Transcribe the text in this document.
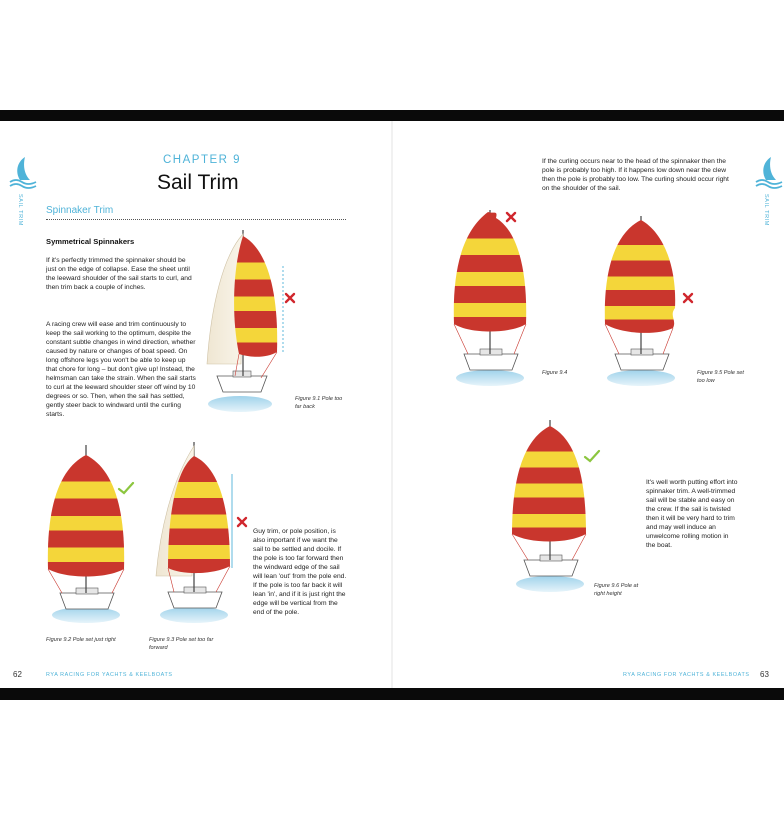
SAIL TRIM
CHAPTER 9
Sail Trim
Spinnaker Trim
Symmetrical Spinnakers
If it's perfectly trimmed the spinnaker should be just on the edge of collapse. Ease the sheet until the leeward shoulder of the sail starts to curl, and then trim back a couple of inches.
A racing crew will ease and trim continuously to keep the sail working to the optimum, despite the constant subtle changes in wind direction, whether caused by nature or changes of boat speed. On long offshore legs you won't be able to keep up that chore for long – but don't give up! Instead, the helmsman can take the strain. When the sail starts to curl at the leeward shoulder steer off wind by 10 degrees or so. Then, when the sail has settled, gently steer back to windward until the curling starts.
Guy trim, or pole position, is also important if we want the sail to be settled and docile. If the pole is too far forward then the windward edge of the sail will lean 'out' from the pole end. If the pole is too far back it will lean 'in', and if it is just right the edge will be vertical from the end of the pole.
Figure 9.1 Pole too far back
Figure 9.2 Pole set just right	Figure 9.3 Pole set too far forward
62	RYA RACING FOR YACHTS & KEELBOATS
SAIL TRIM
If the curling occurs near to the head of the spinnaker then the pole is probably too high. If it happens low down near the clew then the pole is probably too low. The curling should occur right on the shoulder of the sail.
Figure 9.4	Figure 9.5 Pole set too low
Figure 9.6 Pole at right height
It's well worth putting effort into spinnaker trim. A well-trimmed sail will be stable and easy on the crew. If the sail is twisted then it will be very hard to trim and may well induce an unwelcome rolling motion in the boat.
RYA RACING FOR YACHTS & KEELBOATS 63
